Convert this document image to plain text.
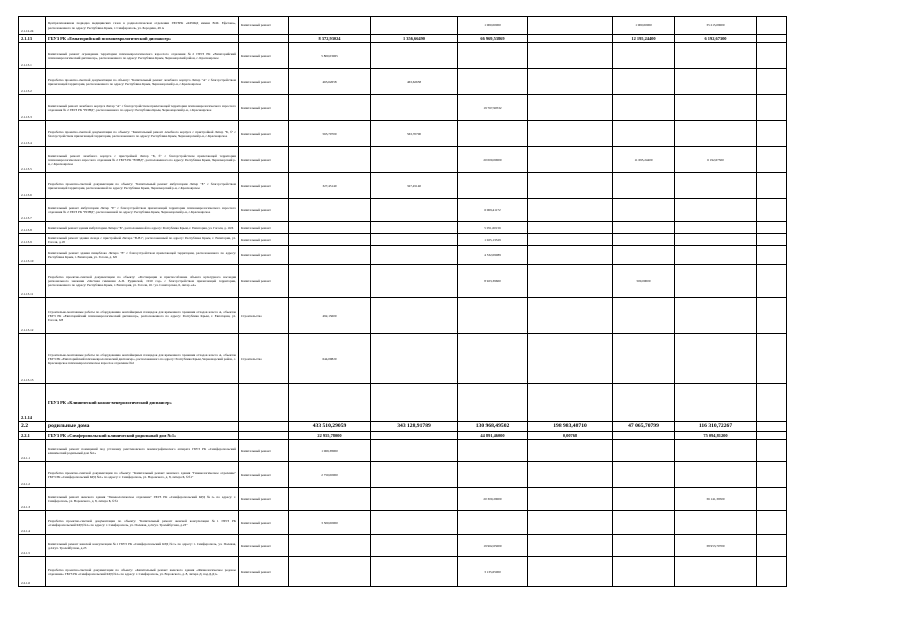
2.1.12.24	Централизованная подводка медицинских газов в радиологическом отделении ГБУЗРК «КРОКД имени В.М. Ефетова», расположенного по адресу: Республика Крым, г. Симферополь, ул. Бородина, 49 А	Капитальный ремонт			1 000,00000		1 000,00000	35 215,09000	
2.1.13	ГБУЗ РК «Евпаторийский психоневрологический диспансер»		8 372,93024	1 356,66490	66 969,53869		12 195,24400	6 192,67300	
2.1.13.1	Капитальный ремонт ограждение территории психоневрологического взрослого отделения №2 ГБУЗ РК «Евпаторийский психоневрологический диспансер», расположенного по адресу: Республика Крым, Черноморский район, с. Красноярское	Капитальный ремонт	5 800,03065						
2.1.13.2	Разработка проектно-сметной документации по объекту: "Капитальный ремонт лечебного корпуса Литер "А" с благоустройством прилегающей территории, расположенного по адресу: Республика Крым, Черноморский р-н, с.Красноярское	Капитальный ремонт	463,62658	463,62658					
2.1.13.3	Капитальный ремонт лечебного корпуса Литер "А" с благоустройством прилегающей территории психоневрологического взрослого отделения № 2 ГБУЗ РК "ЕПНД", расположенного по адресу: Республика Крым, Черноморский р-н, с.Красноярское	Капитальный ремонт			19 767,90532				
2.1.13.4	Разработка проектно-сметной документации по объекту: "Капитальный ремонт лечебного корпуса с пристройкой Литер "Б, б" с благоустройством прилегающей территории, расположенного по адресу: Республика Крым, Черноморский р-н, с.Красноярское	Капитальный ремонт	563,70700	563,70700					
2.1.13.5	Капитальный ремонт лечебного корпуса с пристройкой Литер "Б, б" с благоустройством прилегающей территории психоневрологического взрослого отделения № 2 ГБУЗ РК "ЕПНД", расположенного по адресу: Республика Крым, Черноморский р-н, с.Красноярское	Капитальный ремонт			20 000,00000		11 695,24400	6 192,67300	
2.1.13.6	Разработка проектно-сметной документации по объекту: "Капитальный ремонт амбулатории Литер "Е" с благоустройством прилегающей территории, расположенной по адресу: Республика Крым, Черноморский р-н, с.Красноярское	Капитальный ремонт	327,45140	327,45140					
2.1.13.7	Капитальный ремонт амбулатории Литер "Е" с благоустройством прилегающей территории психоневрологического взрослого отделения № 2 ГБУЗ РК "ЕПНД", расположенной по адресу: Республика Крым, Черноморский р-н, с.Красноярское	Капитальный ремонт			6 069,41172				
2.1.13.8	Капитальный ремонт здания амбулатории Литера "Б", расположенной по адресу: Республика Крым, г. Евпатория, ул. Гоголя, д. 16/6	Капитальный ремонт			5 051,60156				
2.1.13.9	Капитальный ремонт здания склада с пристройкой Литера "В-В1", расположенный по адресу: Республика Крым, г. Евпатория, ул. Гоголя, д.18	Капитальный ремонт			1 025,13329				
2.1.13.10	Капитальный ремонт здания пищеблока Литера "Е" с благоустройством прилегающей территории, расположенного по адресу: Республика Крым, г. Евпатория, ул. Гоголя, д. 6/6	Капитальный ремонт			4 532,09089				
2.1.13.11	Разработка проектно-сметной документации по объекту: «Реставрация и приспособление объекта культурного наследия регионального значения «Частная гимназия А.П. Рудинской, 1910 год» с благоустройством прилегающей территории, расположенного по адресу: Республика Крым, г. Евпатория, ул. Гоголя, 16 / ул. Санаторская, 6, литер «А»	Капитальный ремонт			8 923,39600		500,00000		
2.1.13.12	Строительно-монтажные работы по оборудованию контейнерных площадок для временного хранения отходов класса А, объектов ГБУЗ РК «Евпаторийский психоневрологический диспансер», расположенного по адресу: Республика Крым, г. Евпатория, ул. Гоголя, 6/8	Строительство	492,15600						
2.1.13.13	Строительно-монтажные работы по оборудованию контейнерных площадок для временного хранения отходов класса А, объектов ГБУЗ РК «Евпаторийский психоневрологический диспансер», расположенного по адресу: Республика Крым, Черноморский район, с. Красноярское психоневрологическое взрослое отделение №2	Строительство	644,09820						
2.1.14	ГБУЗ РК «Клинический кожно-венерологический диспансер»								
2.2	родильные дома		433 510,29059	343 128,91789	130 968,49502	198 983,48710	47 065,70799	116 310,72267	
2.2.1	ГБУЗ РК «Симферопольский клинический родильный дом №1»		22 955,78000		44 891,46000	0,00768		75 094,81200	
2.2.1.1	Капитальный ремонт помещений под установку рентгеновского маммографического аппарата ГБУЗ РК «Симферопольский клинический родильный дом №1»	Капитальный ремонт	1 069,38000						
2.2.1.2	Разработка проектно-сметной документации по объекту: "Капитальный ремонт женского здания "Гинекологическое отделение" ГБУЗ РК «Симферопольский КРД №1» по адресу: г. Симферополь, ул. Воровского, д. 8, литера Б, б/б1"	Капитальный ремонт	2 750,00000						
2.2.1.3	Капитальный ремонт женского здания "Гинекологическое отделение" ГБУЗ РК «Симферопольский КРД №1» по адресу: г. Симферополь, ул. Воровского, д. 8, литера Б, б/б1	Капитальный ремонт			20 300,29000			36 141,39500	
2.2.1.4	Разработка проектно-сметной документации по объекту: "Капитальный ремонт женской консультации №1 ГБУЗ РК «Симферопольский КРД №1» по адресу: г. Симферополь, ул. Полевая, д.24/ул. Тролейбусная, д.23"	Капитальный ремонт	3 500,00000						
2.2.1.5	Капитальный ремонт женской консультации №1 ГБУЗ РК «Симферопольский КРД №1» по адресу: г. Симферополь, ул. Полевая, д.24/ул. Тролейбусная, д.23	Капитальный ремонт			19 962,65000			38 953,70700	
2.2.1.6	Разработка проектно-сметной документации по объекту: «Капитальный ремонт женского здания «Физиологическое родовое отделение» ГБУЗ РК «Симферопольский КРД №1» по адресу: г. Симферополь, ул. Воровского, д. 8, литера Д, под.Д,Д1»	Капитальный ремонт			3 135,65000				
